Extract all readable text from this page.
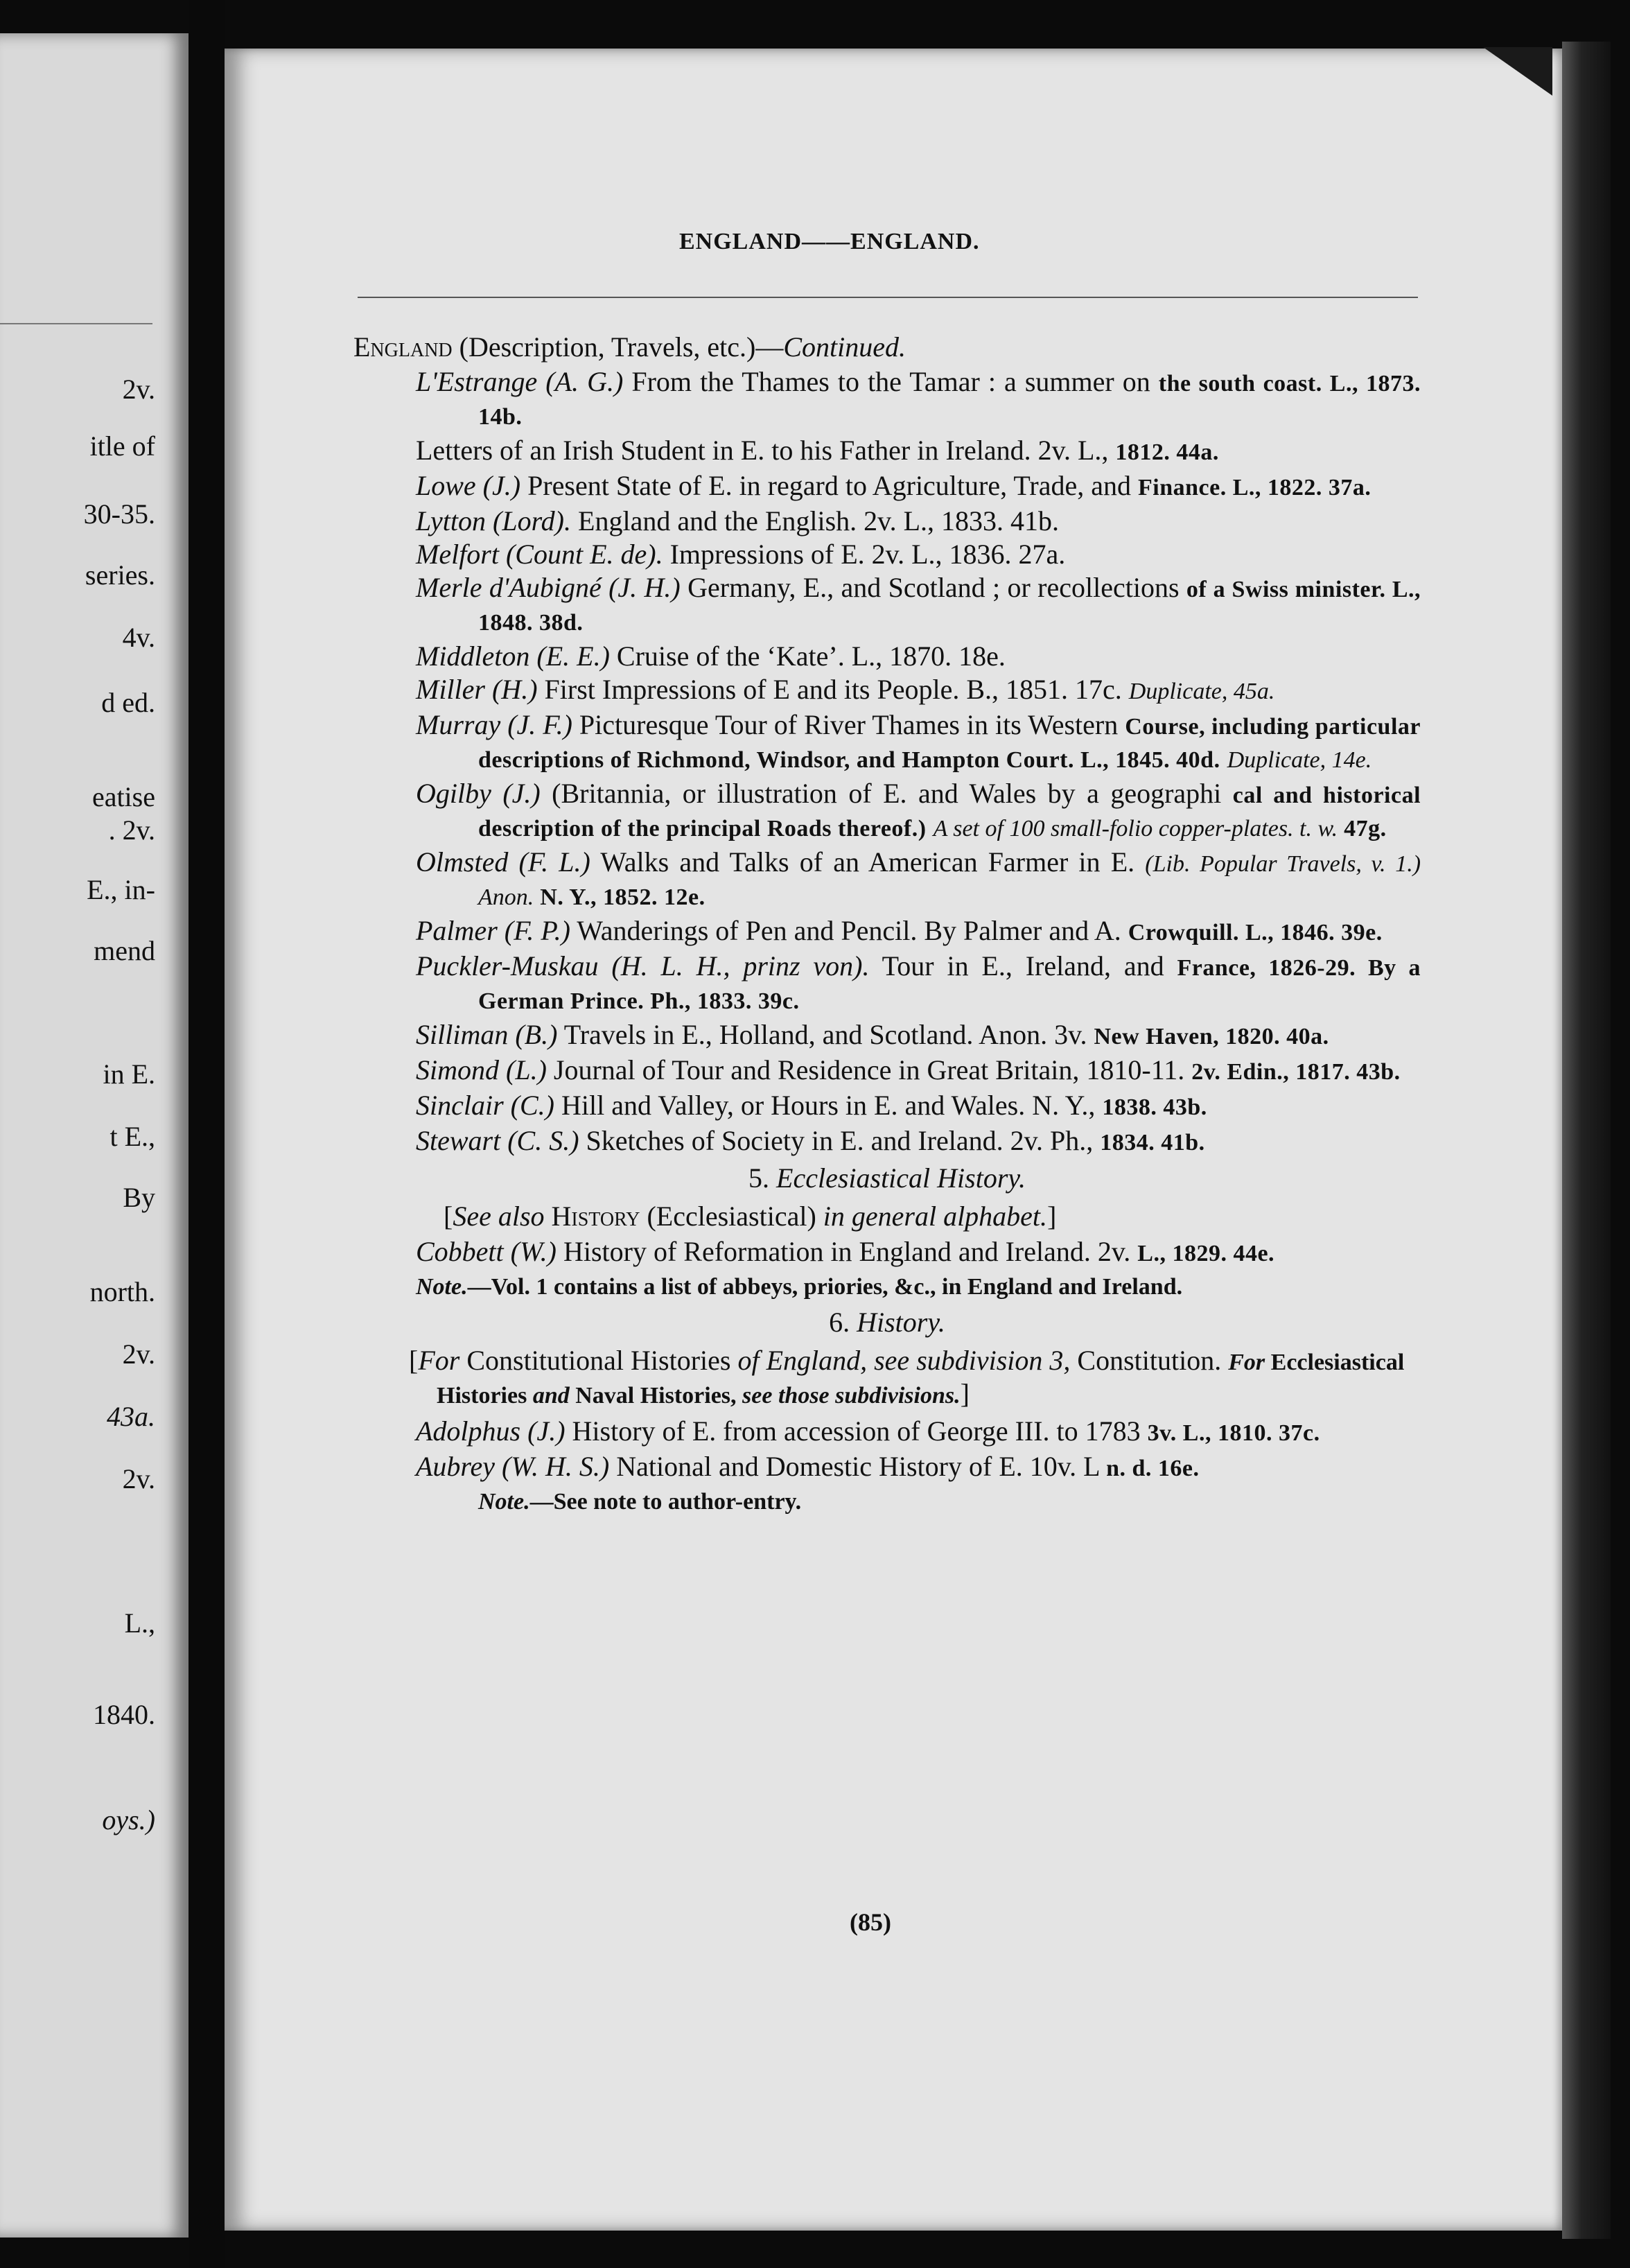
2v.
itle of
30-35.
series.
4v.
d ed.
eatise
. 2v.
E., in-
mend
in E.
t E.,
By
north.
2v.
43a.
2v.
L.,
1840.
oys.)
ENGLAND——ENGLAND.
England (Description, Travels, etc.)—Continued.
L'Estrange (A. G.) From the Thames to the Tamar : a summer on the south coast. L., 1873. 14b.
Letters of an Irish Student in E. to his Father in Ireland. 2v. L., 1812. 44a.
Lowe (J.) Present State of E. in regard to Agriculture, Trade, and Finance. L., 1822. 37a.
Lytton (Lord). England and the English. 2v. L., 1833. 41b.
Melfort (Count E. de). Impressions of E. 2v. L., 1836. 27a.
Merle d'Aubigné (J. H.) Germany, E., and Scotland ; or recollections of a Swiss minister. L., 1848. 38d.
Middleton (E. E.) Cruise of the ‘Kate’. L., 1870. 18e.
Miller (H.) First Impressions of E and its People. B., 1851. 17c. Duplicate, 45a.
Murray (J. F.) Picturesque Tour of River Thames in its Western Course, including particular descriptions of Richmond, Windsor, and Hampton Court. L., 1845. 40d. Duplicate, 14e.
Ogilby (J.) (Britannia, or illustration of E. and Wales by a geographi cal and historical description of the principal Roads thereof.) A set of 100 small-folio copper-plates. t. w. 47g.
Olmsted (F. L.) Walks and Talks of an American Farmer in E. (Lib. Popular Travels, v. 1.) Anon. N. Y., 1852. 12e.
Palmer (F. P.) Wanderings of Pen and Pencil. By Palmer and A. Crowquill. L., 1846. 39e.
Puckler-Muskau (H. L. H., prinz von). Tour in E., Ireland, and France, 1826-29. By a German Prince. Ph., 1833. 39c.
Silliman (B.) Travels in E., Holland, and Scotland. Anon. 3v. New Haven, 1820. 40a.
Simond (L.) Journal of Tour and Residence in Great Britain, 1810-11. 2v. Edin., 1817. 43b.
Sinclair (C.) Hill and Valley, or Hours in E. and Wales. N. Y., 1838. 43b.
Stewart (C. S.) Sketches of Society in E. and Ireland. 2v. Ph., 1834. 41b.
5. Ecclesiastical History.
[See also History (Ecclesiastical) in general alphabet.]
Cobbett (W.) History of Reformation in England and Ireland. 2v. L., 1829. 44e.
Note.—Vol. 1 contains a list of abbeys, priories, &c., in England and Ireland.
6. History.
[For Constitutional Histories of England, see subdivision 3, Constitution. For Ecclesiastical Histories and Naval Histories, see those subdivisions.]
Adolphus (J.) History of E. from accession of George III. to 1783 3v. L., 1810. 37c.
Aubrey (W. H. S.) National and Domestic History of E. 10v. L n. d. 16e.
Note.—See note to author-entry.
(85)
